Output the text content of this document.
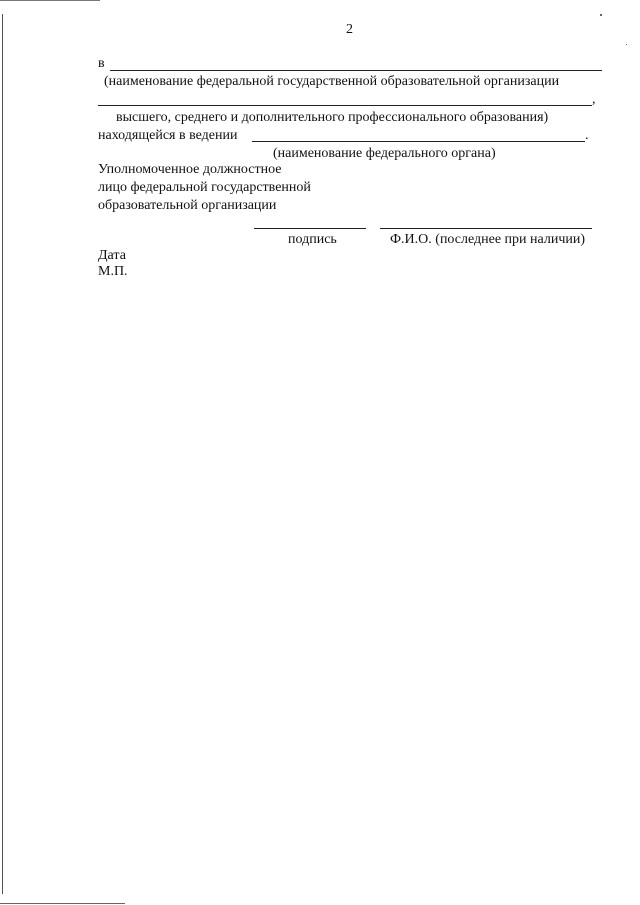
2
в
(наименование федеральной государственной образовательной организации
,
высшего, среднего и дополнительного профессионального образования)
находящейся в ведении	.
(наименование федерального органа)
Уполномоченное должностное
лицо федеральной государственной
образовательной организации
подпись	Ф.И.О. (последнее при наличии)
Дата
М.П.
